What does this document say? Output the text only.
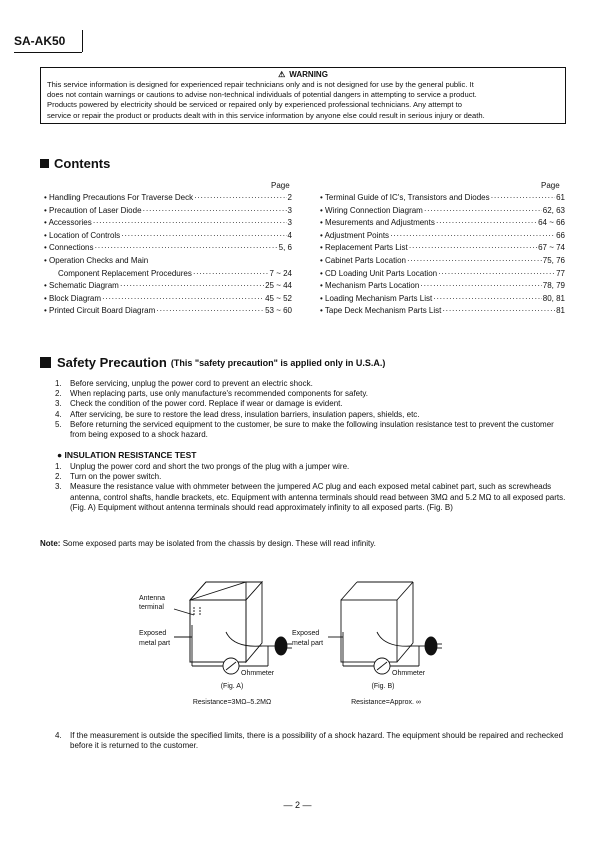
SA-AK50
⚠ WARNING
This service information is designed for experienced repair technicians only and is not designed for use by the general public. It
does not contain warnings or cautions to advise non-technical individuals of potential dangers in attempting to service a product.
Products powered by electricity should be serviced or repaired only by experienced professional technicians. Any attempt to
service or repair the product or products dealt with in this service information by anyone else could result in serious injury or death.
Contents
Page	Page
• Handling Precautions For Traverse Deck ·····	2
• Precaution of Laser Diode ·····	3
• Accessories ·····	3
• Location of Controls ·····	4
• Connections ·····	5, 6
• Operation Checks and Main
Component Replacement Procedures ·····	7 ~ 24
• Schematic Diagram ·····	25 ~ 44
• Block Diagram ·····	45 ~ 52
• Printed Circuit Board Diagram ·····	53 ~ 60
• Terminal Guide of IC's, Transistors and Diodes ·····	61
• Wiring Connection Diagram ·····	62, 63
• Mesurements and Adjustments ·····	64 ~ 66
• Adjustment Points ·····	66
• Replacement Parts List ·····	67 ~ 74
• Cabinet Parts Location ·····	75, 76
• CD Loading Unit Parts Location ·····	77
• Mechanism Parts Location ·····	78, 79
• Loading Mechanism Parts List ·····	80, 81
• Tape Deck Mechanism Parts List ·····	81
Safety Precaution (This "safety precaution" is applied only in U.S.A.)
1.	Before servicing, unplug the power cord to prevent an electric shock.
2.	When replacing parts, use only manufacture's recommended components for safety.
3.	Check the condition of the power cord. Replace if wear or damage is evident.
4.	After servicing, be sure to restore the lead dress, insulation barriers, insulation papers, shields, etc.
5.	Before returning the serviced equipment to the customer, be sure to make the following insulation resistance test to prevent the customer from being exposed to a shock hazard.
● INSULATION RESISTANCE TEST
1.	Unplug the power cord and short the two prongs of the plug with a jumper wire.
2.	Turn on the power switch.
3.	Measure the resistance value with ohmmeter between the jumpered AC plug and each exposed metal cabinet part, such as screwheads antenna, control shafts, handle brackets, etc. Equipment with antenna terminals should read between 3MΩ and 5.2 MΩ to all exposed parts. (Fig. A) Equipment without antenna terminals should read approximately infinity to all exposed parts. (Fig. B)
Note: Some exposed parts may be isolated from the chassis by design. These will read infinity.
Antenna
terminal
Exposed
metal part
Ohmmeter
(Fig. A)
Resistance=3MΩ–5.2MΩ
Exposed
metal part
Ohmmeter
(Fig. B)
Resistance=Approx. ∞
4.	If the measurement is outside the specified limits, there is a possibility of a shock hazard. The equipment should be repaired and rechecked before it is returned to the customer.
— 2 —
